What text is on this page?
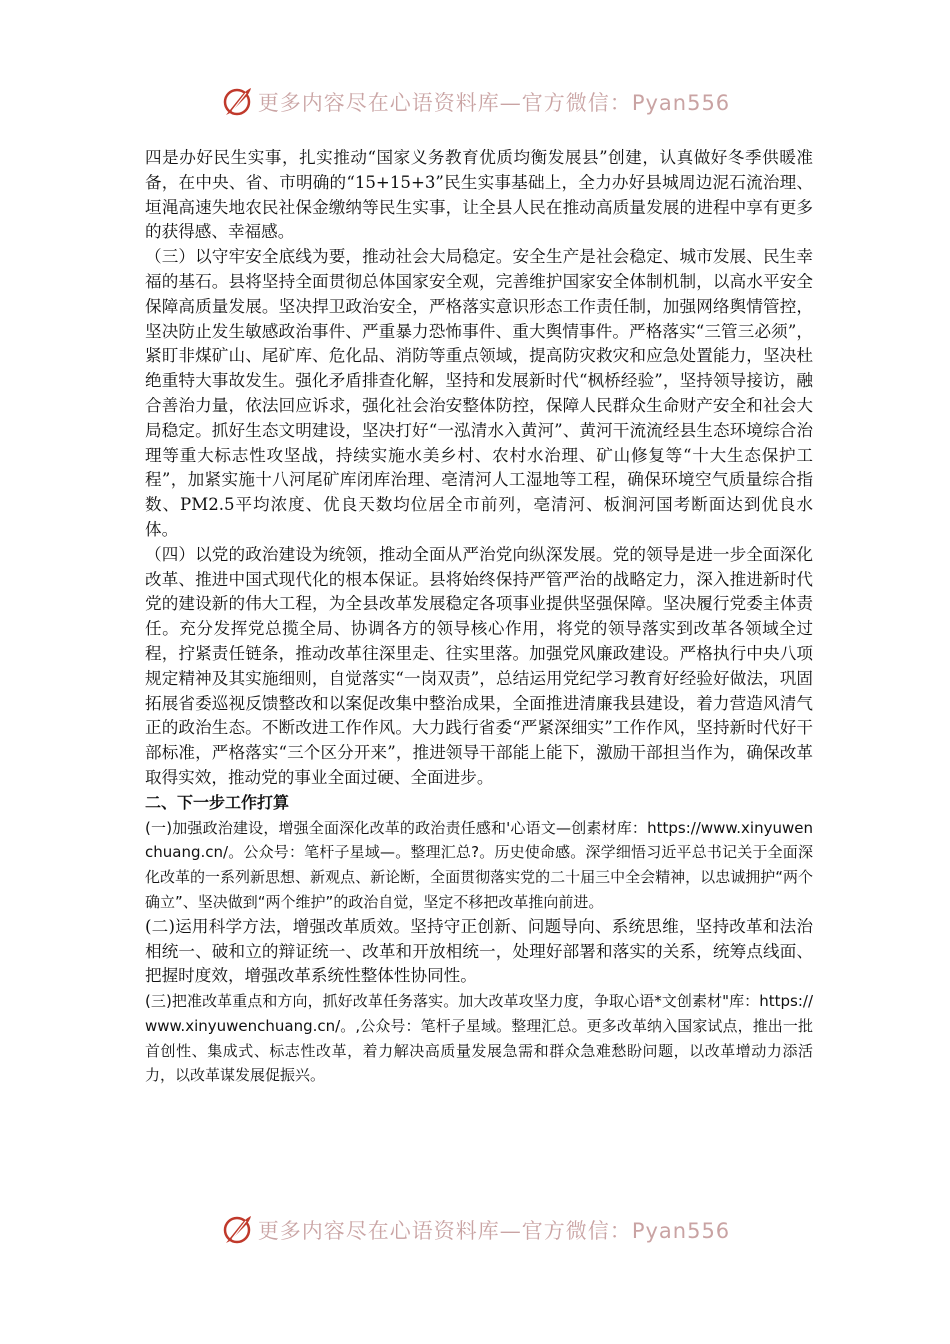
更多内容尽在心语资料库—官方微信：Pyan556

四是办好民生实事，扎实推动“国家义务教育优质均衡发展县”创建，认真做好冬季供暖准备，在中央、省、市明确的“15+15+3”民生实事基础上，全力办好县城周边泥石流治理、垣渑高速失地农民社保金缴纳等民生实事，让全县人民在推动高质量发展的进程中享有更多的获得感、幸福感。

（三）以守牢安全底线为要，推动社会大局稳定。安全生产是社会稳定、城市发展、民生幸福的基石。县将坚持全面贯彻总体国家安全观，完善维护国家安全体制机制，以高水平安全保障高质量发展。坚决捍卫政治安全，严格落实意识形态工作责任制，加强网络舆情管控，坚决防止发生敏感政治事件、严重暴力恐怖事件、重大舆情事件。严格落实“三管三必须”，紧盯非煤矿山、尾矿库、危化品、消防等重点领域，提高防灾救灾和应急处置能力，坚决杜绝重特大事故发生。强化矛盾排查化解，坚持和发展新时代“枫桥经验”，坚持领导接访，融合善治力量，依法回应诉求，强化社会治安整体防控，保障人民群众生命财产安全和社会大局稳定。抓好生态文明建设，坚决打好“一泓清水入黄河”、黄河干流流经县生态环境综合治理等重大标志性攻坚战，持续实施水美乡村、农村水治理、矿山修复等“十大生态保护工程”，加紧实施十八河尾矿库闭库治理、亳清河人工湿地等工程，确保环境空气质量综合指数、PM2.5平均浓度、优良天数均位居全市前列，亳清河、板涧河国考断面达到优良水体。

（四）以党的政治建设为统领，推动全面从严治党向纵深发展。党的领导是进一步全面深化改革、推进中国式现代化的根本保证。县将始终保持严管严治的战略定力，深入推进新时代党的建设新的伟大工程，为全县改革发展稳定各项事业提供坚强保障。坚决履行党委主体责任。充分发挥党总揽全局、协调各方的领导核心作用，将党的领导落实到改革各领域全过程，拧紧责任链条，推动改革往深里走、往实里落。加强党风廉政建设。严格执行中央八项规定精神及其实施细则，自觉落实“一岗双责”，总结运用党纪学习教育好经验好做法，巩固拓展省委巡视反馈整改和以案促改集中整治成果，全面推进清廉我县建设，着力营造风清气正的政治生态。不断改进工作作风。大力践行省委“严紧深细实”工作作风，坚持新时代好干部标准，严格落实“三个区分开来”，推进领导干部能上能下，激励干部担当作为，确保改革取得实效，推动党的事业全面过硬、全面进步。

二、下一步工作打算

(一)加强政治建设，增强全面深化改革的政治责任感和'心语文—创素材库：https://www.xinyuwenchuang.cn/。公众号：笔杆子星域—。整理汇总?。历史使命感。深学细悟习近平总书记关于全面深化改革的一系列新思想、新观点、新论断，全面贯彻落实党的二十届三中全会精神，以忠诚拥护“两个确立”、坚决做到“两个维护”的政治自觉，坚定不移把改革推向前进。

(二)运用科学方法，增强改革质效。坚持守正创新、问题导向、系统思维，坚持改革和法治相统一、破和立的辩证统一、改革和开放相统一，处理好部署和落实的关系，统筹点线面、把握时度效，增强改革系统性整体性协同性。

(三)把准改革重点和方向，抓好改革任务落实。加大改革攻坚力度，争取心语*文创素材"库：https://www.xinyuwenchuang.cn/。,公众号：笔杆子星域。整理汇总。更多改革纳入国家试点，推出一批首创性、集成式、标志性改革，着力解决高质量发展急需和群众急难愁盼问题，以改革增动力添活力，以改革谋发展促振兴。

更多内容尽在心语资料库—官方微信：Pyan556
